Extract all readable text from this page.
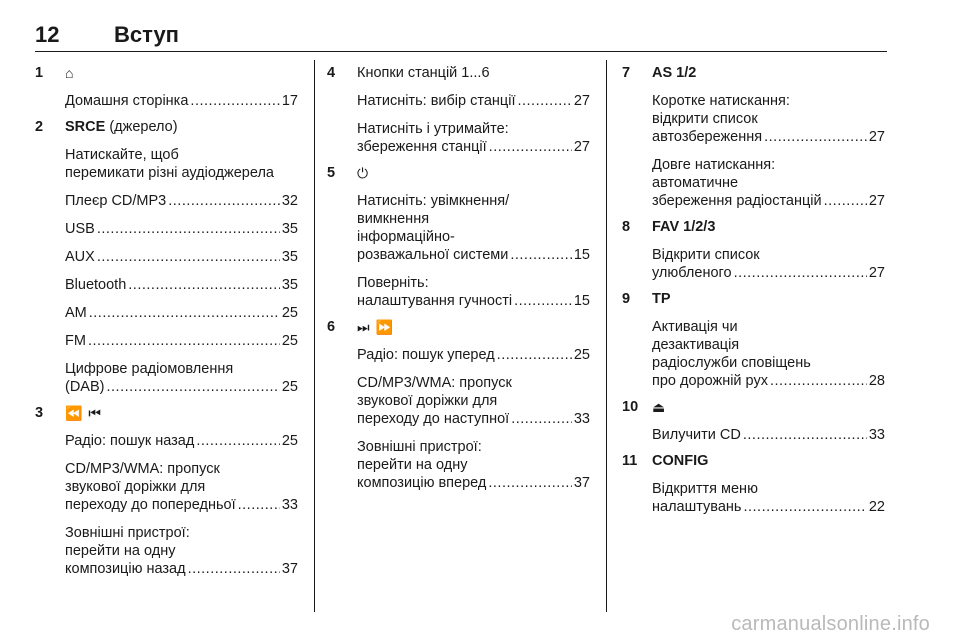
12 Вступ
1 ⌂
Домашня сторінка .....	17
2 SRCE (джерело)
Натискайте, щоб
перемикати різні аудіоджерела
Плеєр CD/MP3 .....	32
USB .....	35
AUX .....	35
Bluetooth .....	35
AM .....	25
FM .....	25
Цифрове радіомовлення
(DAB) .....	25
3 ⏪ ⏮
Радіо: пошук назад .....	25
CD/MP3/WMA: пропуск
звукової доріжки для
переходу до попередньої .....	33
Зовнішні пристрої:
перейти на одну
композицію назад .....	37
4 Кнопки станцій 1...6
Натисніть: вибір станції .....	27
Натисніть і утримайте:
збереження станції .....	27
5 ⏻
Натисніть: увімкнення/
вимкнення
інформаційно-
розважальної системи .....	15
Поверніть:
налаштування гучності .....	15
6 ⏭ ⏩
Радіо: пошук уперед .....	25
CD/MP3/WMA: пропуск
звукової доріжки для
переходу до наступної .....	33
Зовнішні пристрої:
перейти на одну
композицію вперед .....	37
7 AS 1/2
Коротке натискання:
відкрити список
автозбереження .....	27
Довге натискання:
автоматичне
збереження радіостанцій .....	27
8 FAV 1/2/3
Відкрити список
улюбленого .....	27
9 TP
Активація чи
дезактивація
радіослужби сповіщень
про дорожній рух .....	28
10 ⏏
Вилучити CD .....	33
11 CONFIG
Відкриття меню
налаштувань .....	22
carmanualsonline.info
